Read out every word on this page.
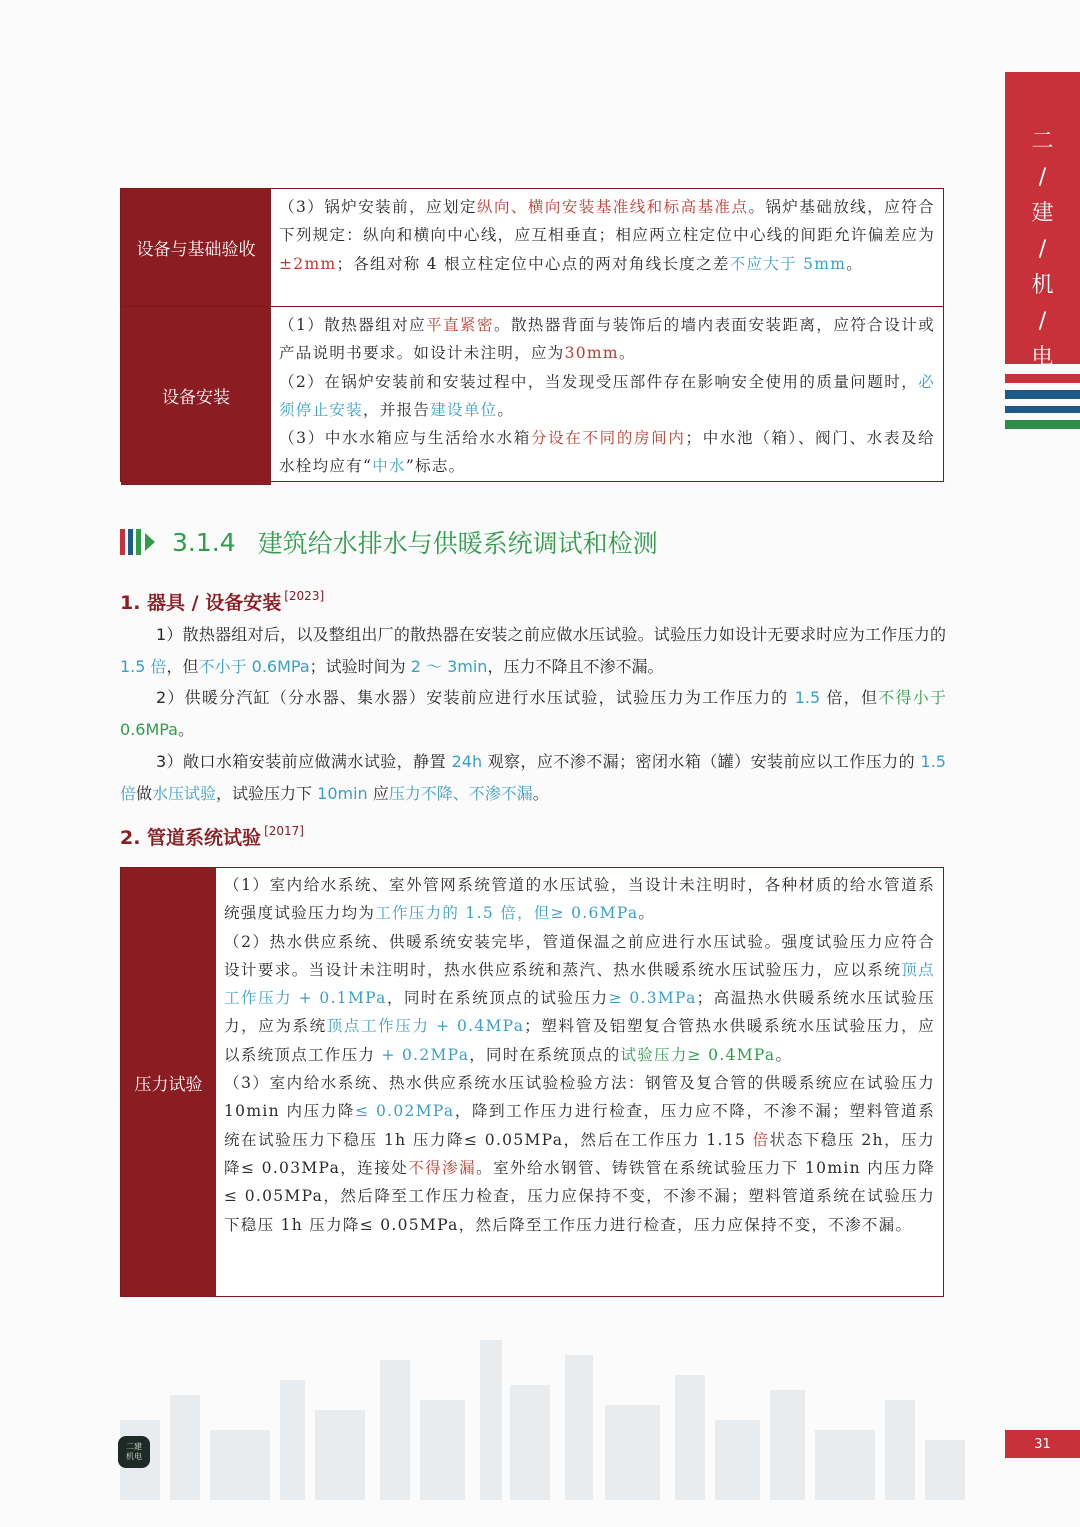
二
/
建
/
机
/
电
设备与基础验收
（3）锅炉安装前，应划定纵向、横向安装基准线和标高基准点。锅炉基础放线，应符合下列规定：纵向和横向中心线，应互相垂直；相应两立柱定位中心线的间距允许偏差应为±2mm；各组对称 4 根立柱定位中心点的两对角线长度之差不应大于 5mm。
设备安装
（1）散热器组对应平直紧密。散热器背面与装饰后的墙内表面安装距离，应符合设计或产品说明书要求。如设计未注明，应为30mm。
（2）在锅炉安装前和安装过程中，当发现受压部件存在影响安全使用的质量问题时，必须停止安装，并报告建设单位。
（3）中水水箱应与生活给水水箱分设在不同的房间内；中水池（箱）、阀门、水表及给水栓均应有“中水”标志。
3.1.4 建筑给水排水与供暖系统调试和检测
1. 器具 / 设备安装 [2023]

1）散热器组对后，以及整组出厂的散热器在安装之前应做水压试验。试验压力如设计无要求时应为工作压力的 1.5 倍，但不小于 0.6MPa；试验时间为 2 ～ 3min，压力不降且不渗不漏。

2）供暖分汽缸（分水器、集水器）安装前应进行水压试验，试验压力为工作压力的 1.5 倍，但不得小于 0.6MPa。

3）敞口水箱安装前应做满水试验，静置 24h 观察，应不渗不漏；密闭水箱（罐）安装前应以工作压力的 1.5 倍做水压试验，试验压力下 10min 应压力不降、不渗不漏。

2. 管道系统试验 [2017]
压力试验
（1）室内给水系统、室外管网系统管道的水压试验，当设计未注明时，各种材质的给水管道系统强度试验压力均为工作压力的 1.5 倍，但≥ 0.6MPa。
（2）热水供应系统、供暖系统安装完毕，管道保温之前应进行水压试验。强度试验压力应符合设计要求。当设计未注明时，热水供应系统和蒸汽、热水供暖系统水压试验压力，应以系统顶点工作压力 + 0.1MPa，同时在系统顶点的试验压力≥ 0.3MPa；高温热水供暖系统水压试验压力，应为系统顶点工作压力 + 0.4MPa；塑料管及铝塑复合管热水供暖系统水压试验压力，应以系统顶点工作压力 + 0.2MPa，同时在系统顶点的试验压力≥ 0.4MPa。
（3）室内给水系统、热水供应系统水压试验检验方法：钢管及复合管的供暖系统应在试验压力 10min 内压力降≤ 0.02MPa，降到工作压力进行检查，压力应不降，不渗不漏；塑料管道系统在试验压力下稳压 1h 压力降≤ 0.05MPa，然后在工作压力 1.15 倍状态下稳压 2h，压力降≤ 0.03MPa，连接处不得渗漏。室外给水钢管、铸铁管在系统试验压力下 10min 内压力降≤ 0.05MPa，然后降至工作压力检查，压力应保持不变，不渗不漏；塑料管道系统在试验压力下稳压 1h 压力降≤ 0.05MPa，然后降至工作压力进行检查，压力应保持不变，不渗不漏。
二建
机电
31
